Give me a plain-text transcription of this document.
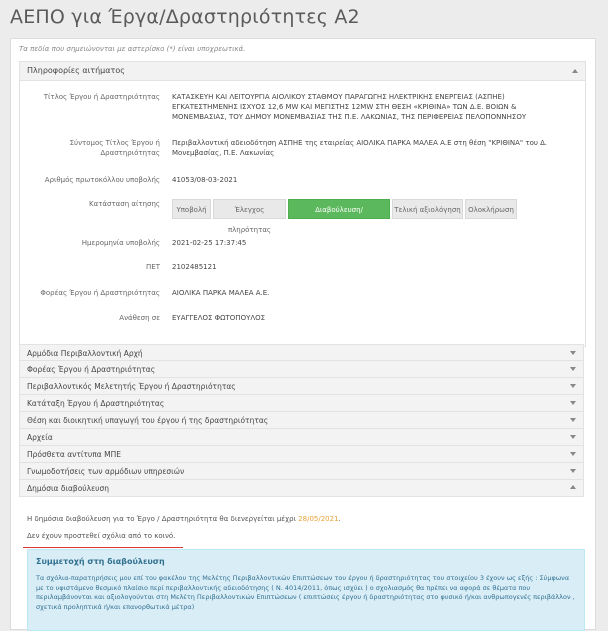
ΑΕΠΟ για Έργα/Δραστηριότητες Α2
Τα πεδία που σημειώνονται με αστερίσκο (*) είναι υποχρεωτικά.
Πληροφορίες αιτήματος
Τίτλος Έργου ή Δραστηριότητας ΚΑΤΑΣΚΕΥΗ ΚΑΙ ΛΕΙΤΟΥΡΓΙΑ ΑΙΟΛΙΚΟΥ ΣΤΑΘΜΟΥ ΠΑΡΑΓΩΓΗΣ ΗΛΕΚΤΡΙΚΗΣ ΕΝΕΡΓΕΙΑΣ (ΑΣΠΗΕ) ΕΓΚΑΤΕΣΤΗΜΕΝΗΣ ΙΣΧΥΟΣ 12,6 MW ΚΑΙ ΜΕΓΙΣΤΗΣ 12MW ΣΤΗ ΘΕΣΗ «ΚΡΙΘΙΝΑ» ΤΩΝ Δ.Ε. ΒΟΙΩΝ & ΜΟΝΕΜΒΑΣΙΑΣ, ΤΟΥ ΔΗΜΟΥ ΜΟΝΕΜΒΑΣΙΑΣ ΤΗΣ Π.Ε. ΛΑΚΩΝΙΑΣ, ΤΗΣ ΠΕΡΙΦΕΡΕΙΑΣ ΠΕΛΟΠΟΝΝΗΣΟΥ
Σύντομος Τίτλος Έργου ή
Δραστηριότητας
Περιβαλλοντική αδειοδότηση ΑΣΠΗΕ της εταιρείας ΑΙΟΛΙΚΑ ΠΑΡΚΑ ΜΑΛΕΑ Α.Ε στη θέση "ΚΡΙΘΙΝΑ" του Δ. Μονεμβασίας, Π.Ε. Λακωνίας
Αριθμός πρωτοκόλλου υποβολής 41053/08-03-2021
Κατάσταση αίτησης
Υποβολή	Έλεγχος πληρότητας
Διαβούλευση/Γνωμοδοτήσεις
Τελική αξιολόγηση	Ολοκλήρωση
Ημερομηνία υποβολής 2021-02-25 17:37:45
ΠΕΤ 2102485121
Φορέας Έργου ή Δραστηριότητας ΑΙΟΛΙΚΑ ΠΑΡΚΑ ΜΑΛΕΑ Α.Ε.
Ανάθεση σε ΕΥΑΓΓΕΛΟΣ ΦΩΤΟΠΟΥΛΟΣ
Αρμόδια Περιβαλλοντική Αρχή
Φορέας Έργου ή Δραστηριότητας
Περιβαλλοντικός Μελετητής Έργου ή Δραστηριότητας
Κατάταξη Έργου ή Δραστηριότητας
Θέση και διοικητική υπαγωγή του έργου ή της δραστηριότητας
Αρχεία
Πρόσθετα αντίτυπα ΜΠΕ
Γνωμοδοτήσεις των αρμόδιων υπηρεσιών
Δημόσια διαβούλευση
Η δημόσια διαβούλευση για το Έργο / Δραστηριότητα θα διενεργείται μέχρι 28/05/2021.
Δεν έχουν προστεθεί σχόλια από το κοινό.
Συμμετοχή στη διαβούλευση
Τα σχόλια-παρατηρήσεις μου επί του φακέλου της Μελέτης Περιβαλλοντικών Επιπτώσεων του έργου ή δραστηριότητας του στοιχείου 3 έχουν ως εξής : Σύμφωνα με το υφιστάμενο θεσμικό πλαίσιο περί περιβαλλοντικής αδειοδότησης ( Ν. 4014/2011, όπως ισχύει ) ο σχολιασμός θα πρέπει να αφορά σε θέματα που περιλαμβάνονται και αξιολογούνται στη Μελέτη Περιβαλλοντικών Επιπτώσεων ( επιπτώσεις έργου ή δραστηριότητας στο φυσικό ή/και ανθρωπογενές περιβάλλον , σχετικά προληπτικά ή/και επανορθωτικά μέτρα)
